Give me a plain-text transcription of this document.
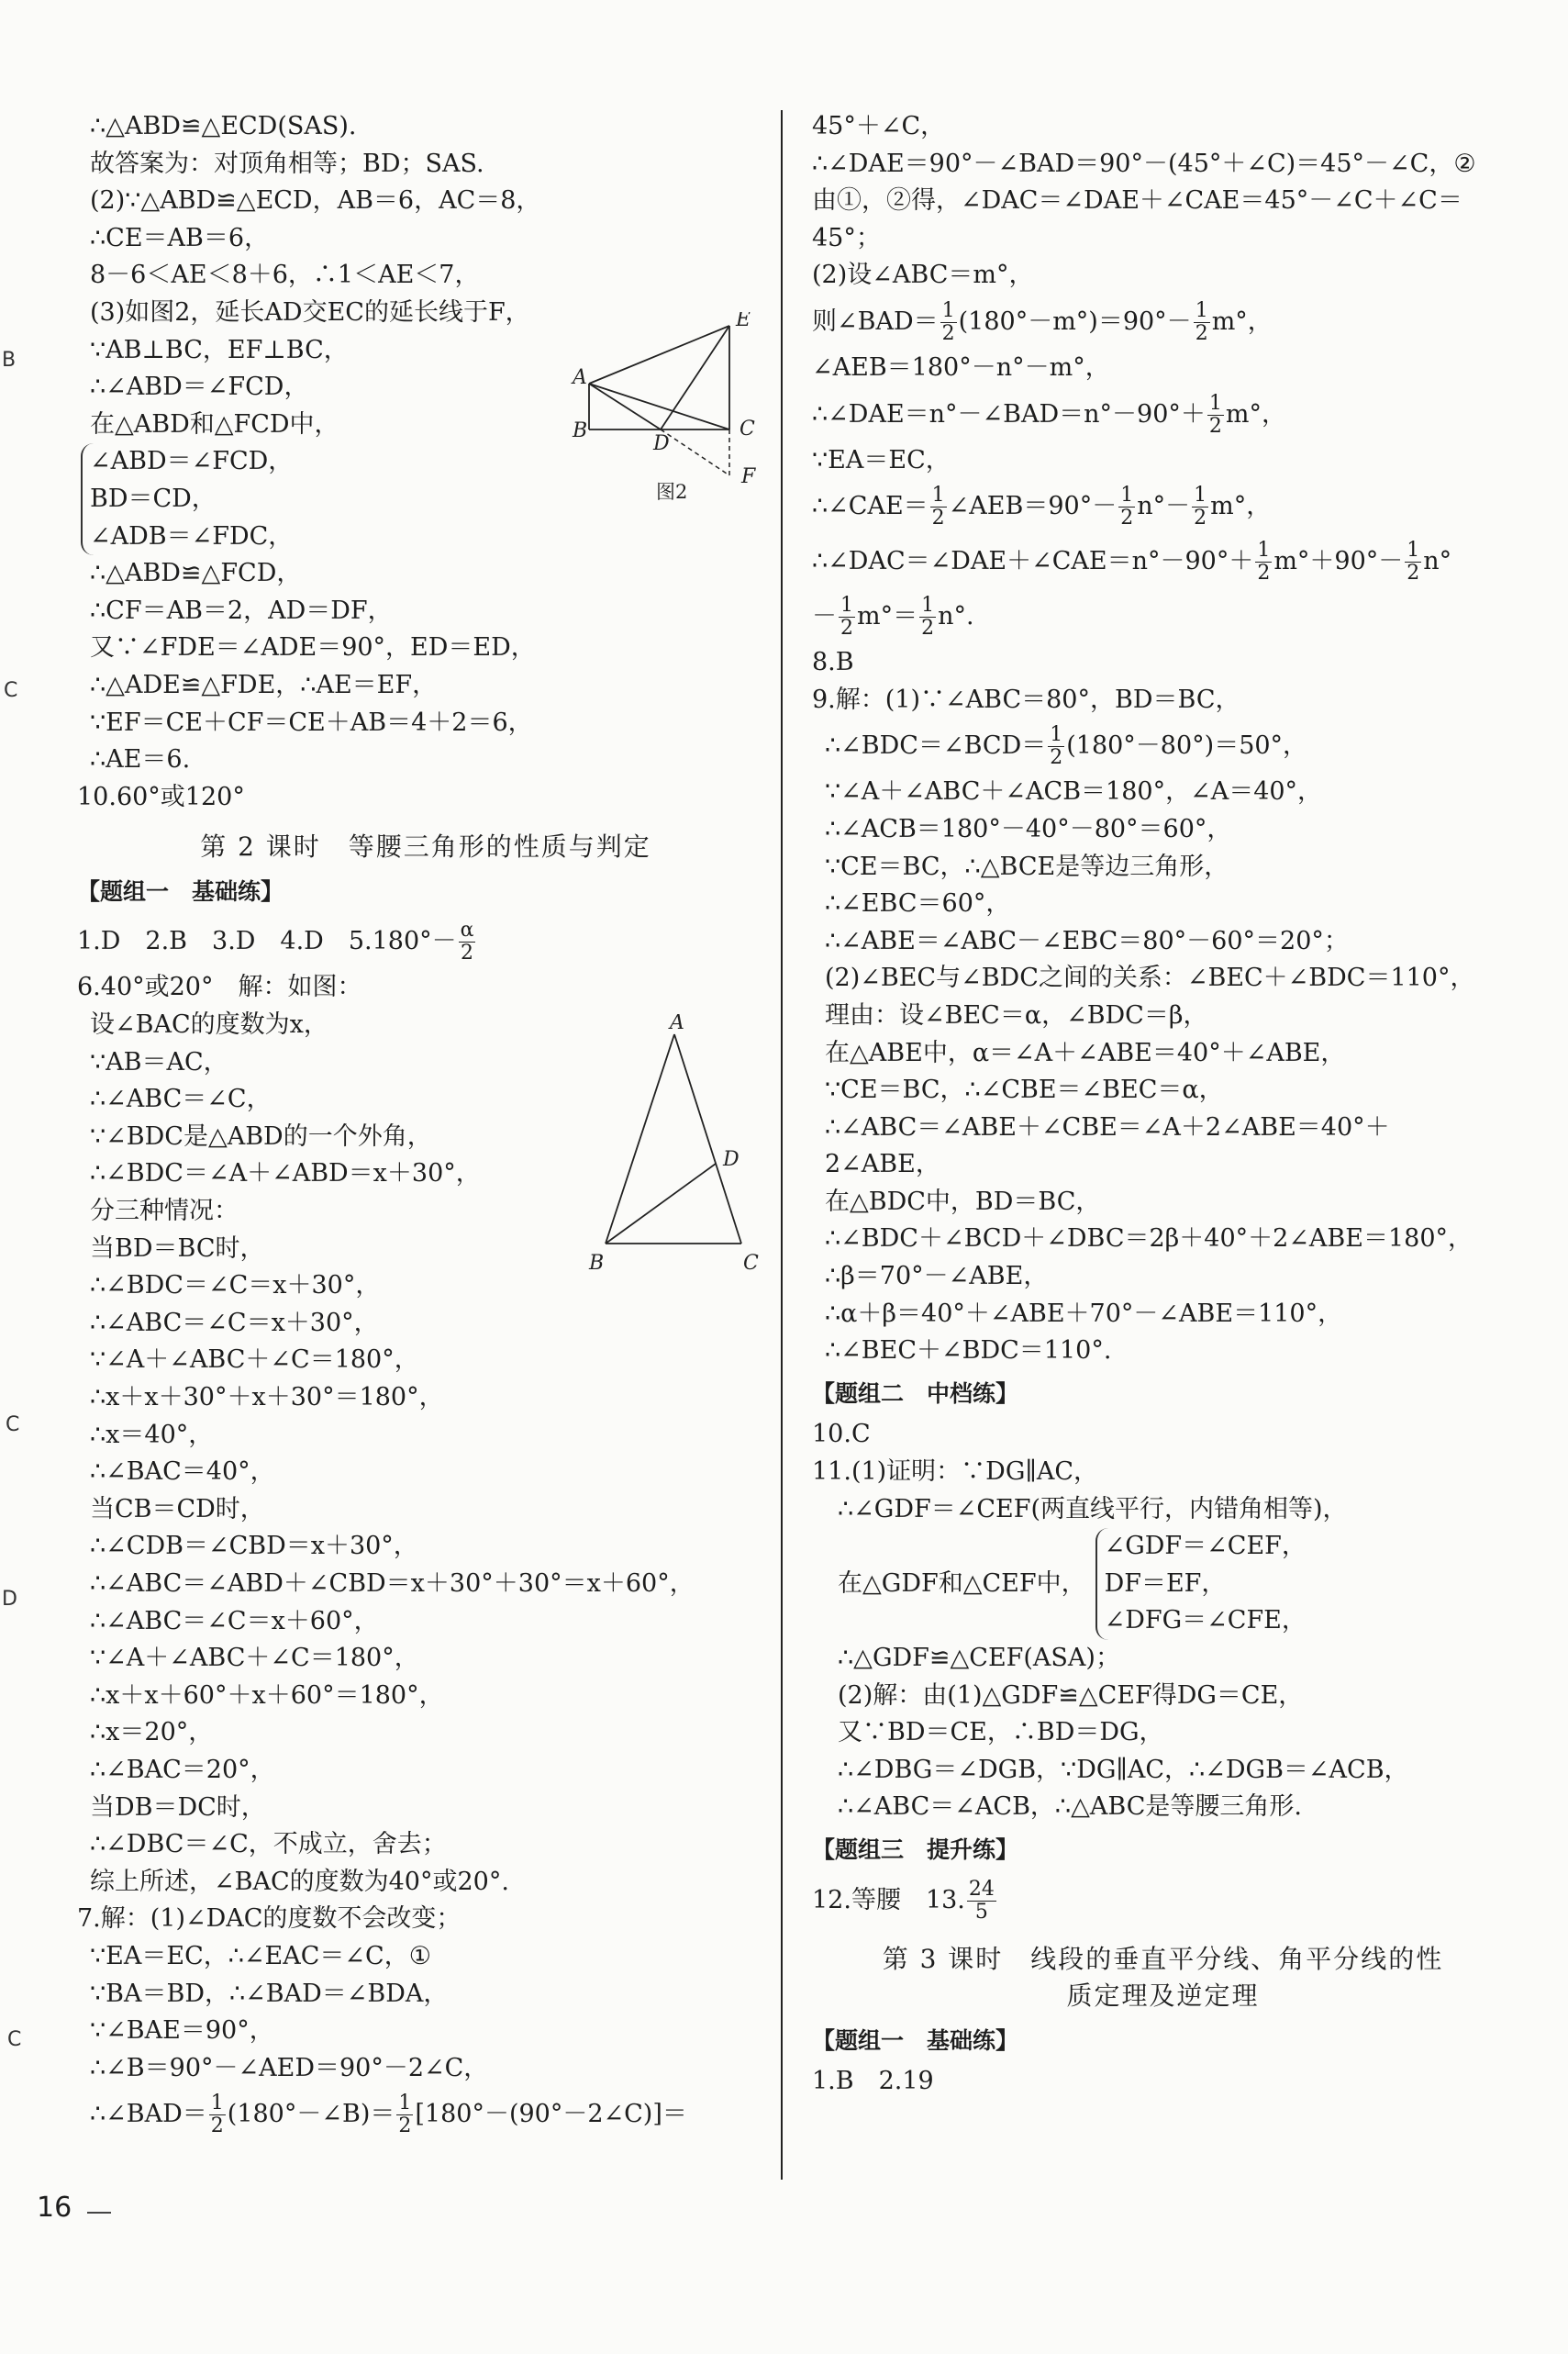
B
C
C
D
C
∴△ABD≌△ECD(SAS).
故答案为：对顶角相等；BD；SAS.
(2)∵△ABD≌△ECD，AB＝6，AC＝8，
∴CE＝AB＝6，
8－6＜AE＜8＋6，∴1＜AE＜7，
(3)如图2，延长AD交EC的延长线于F，
∵AB⊥BC，EF⊥BC，
∴∠ABD＝∠FCD，
在△ABD和△FCD中，
∠ABD＝∠FCD，
BD＝CD，
∠ADB＝∠FDC，
∴△ABD≌△FCD，
∴CF＝AB＝2，AD＝DF，
又∵∠FDE＝∠ADE＝90°，ED＝ED，
∴△ADE≌△FDE，∴AE＝EF，
∵EF＝CE＋CF＝CE＋AB＝4＋2＝6，
∴AE＝6.
10.60°或120°
第 2 课时　等腰三角形的性质与判定
【题组一　基础练】
1.D　2.B　3.D　4.D　$5.180^\circ- \frac{\alpha}{2}$
6.40°或20°　解：如图：
设∠BAC的度数为x，
∵AB＝AC，
∴∠ABC＝∠C，
∵∠BDC是△ABD的一个外角，
∴∠BDC＝∠A＋∠ABD＝x＋30°，
分三种情况：
当BD＝BC时，
∴∠BDC＝∠C＝x＋30°，
∴∠ABC＝∠C＝x＋30°，
∵∠A＋∠ABC＋∠C＝180°，
∴x＋x＋30°＋x＋30°＝180°，
∴x＝40°，
∴∠BAC＝40°，
当CB＝CD时，
∴∠CDB＝∠CBD＝x＋30°，
∴∠ABC＝∠ABD＋∠CBD＝x＋30°＋30°＝x＋60°，
∴∠ABC＝∠C＝x＋60°，
∵∠A＋∠ABC＋∠C＝180°，
∴x＋x＋60°＋x＋60°＝180°，
∴x＝20°，
∴∠BAC＝20°，
当DB＝DC时，
∴∠DBC＝∠C，不成立，舍去；
综上所述，∠BAC的度数为40°或20°.
7.解：(1)∠DAC的度数不会改变；
∵EA＝EC，∴∠EAC＝∠C，①
∵BA＝BD，∴∠BAD＝∠BDA，
∵∠BAE＝90°，
∴∠B＝90°－∠AED＝90°－2∠C，
∴∠BAD＝ $\frac{1}{2}$ (180°－∠B)＝ $\frac{1}{2}$ [180°－(90°－2∠C)]＝
A
B
D
E
C
F
图2
A
D
B	C
45°＋∠C，
∴∠DAE＝90°－∠BAD＝90°－(45°＋∠C)＝45°－∠C，②
由①，②得，∠DAC＝∠DAE＋∠CAE＝45°－∠C＋∠C＝
45°；
(2)设∠ABC＝m°，
则∠BAD＝ $\frac{1}{2} (180^\circ-m^\circ)=90^\circ- \frac{1}{2} m^\circ$，
∠AEB＝180°－n°－m°，
∴∠DAE＝n°－∠BAD＝n°－90°＋ $\frac{1}{2} m^\circ$，
∵EA＝EC，
∴∠CAE＝ $\frac{1}{2}$ ∠AEB＝90°－ $\frac{1}{2} n^\circ- \frac{1}{2} m^\circ$，
∴∠DAC＝∠DAE＋∠CAE＝n°－90°＋ $\frac{1}{2} m^\circ+90^\circ- \frac{1}{2} n^\circ$
－ $\frac{1}{2} m^\circ= \frac{1}{2} n^\circ$.
8.B
9.解：(1)∵∠ABC＝80°，BD＝BC，
∴∠BDC＝∠BCD＝ $\frac{1}{2} (180^\circ-80^\circ)=50^\circ$，
∵∠A＋∠ABC＋∠ACB＝180°，∠A＝40°，
∴∠ACB＝180°－40°－80°＝60°，
∵CE＝BC，∴△BCE是等边三角形，
∴∠EBC＝60°，
∴∠ABE＝∠ABC－∠EBC＝80°－60°＝20°；
(2)∠BEC与∠BDC之间的关系：∠BEC＋∠BDC＝110°，
理由：设∠BEC＝α，∠BDC＝β，
在△ABE中，α＝∠A＋∠ABE＝40°＋∠ABE，
∵CE＝BC，∴∠CBE＝∠BEC＝α，
∴∠ABC＝∠ABE＋∠CBE＝∠A＋2∠ABE＝40°＋
2∠ABE，
在△BDC中，BD＝BC，
∴∠BDC＋∠BCD＋∠DBC＝2β＋40°＋2∠ABE＝180°，
∴β＝70°－∠ABE，
∴α＋β＝40°＋∠ABE＋70°－∠ABE＝110°，
∴∠BEC＋∠BDC＝110°.
【题组二　中档练】
10.C
11.(1)证明：∵DG∥AC，
∴∠GDF＝∠CEF(两直线平行，内错角相等)，
在△GDF和△CEF中，
∠GDF＝∠CEF，
DF＝EF，
∠DFG＝∠CFE，
∴△GDF≌△CEF(ASA)；
(2)解：由(1)△GDF≌△CEF得DG＝CE，
又∵BD＝CE，∴BD＝DG，
∴∠DBG＝∠DGB，∵DG∥AC，∴∠DGB＝∠ACB，
∴∠ABC＝∠ACB，∴△ABC是等腰三角形.
【题组三　提升练】
12.等腰　13. $\frac{24}{5}$
第 3 课时　线段的垂直平分线、角平分线的性
质定理及逆定理
【题组一　基础练】
1.B　2.19
16
